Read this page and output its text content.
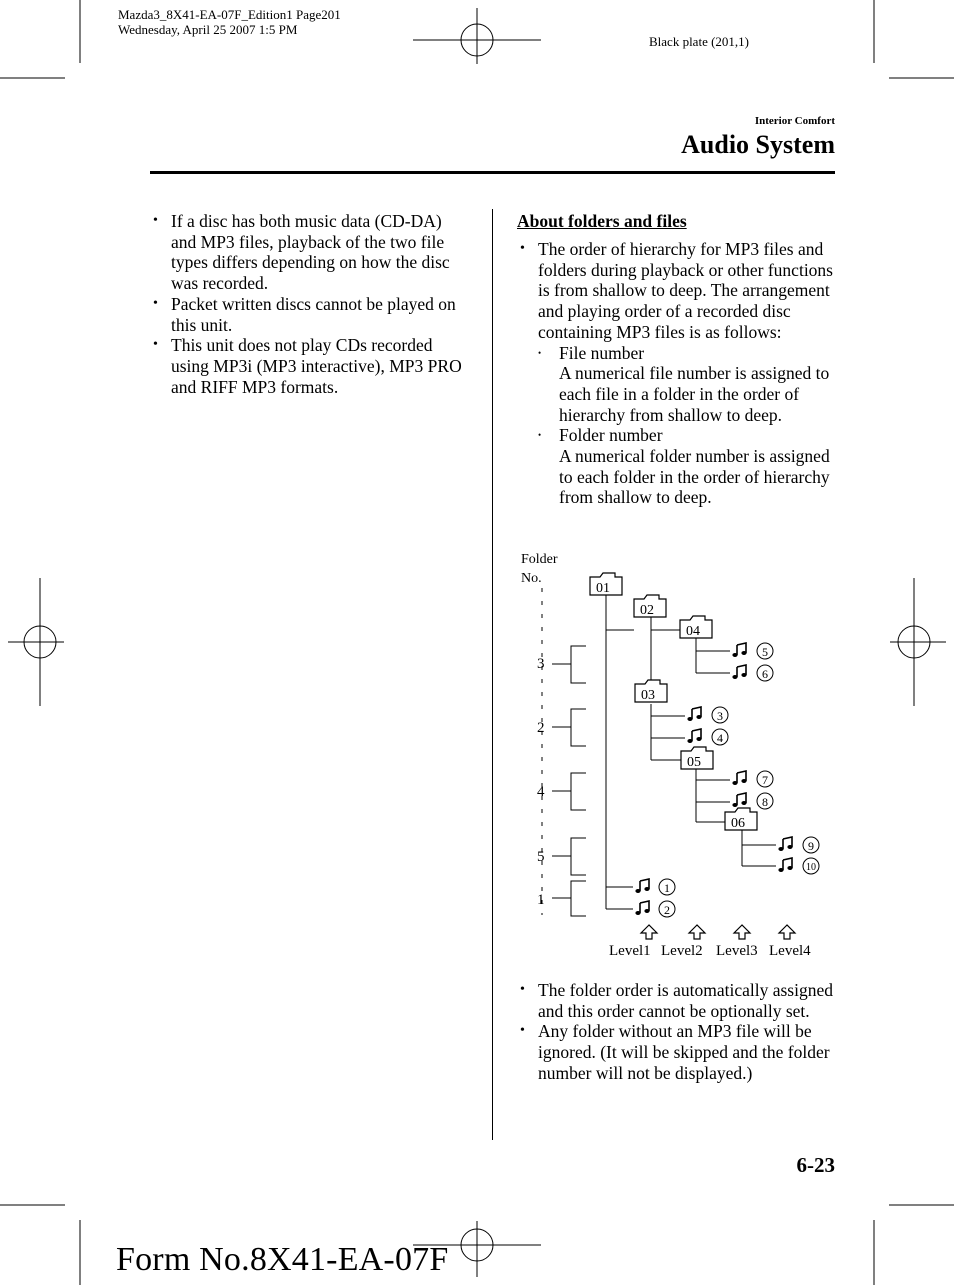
Mazda3_8X41-EA-07F_Edition1 Page201
Wednesday, April 25 2007 1:5 PM
Black plate (201,1)
Interior Comfort
Audio System
• If a disc has both music data (CD-DA) and MP3 files, playback of the two file types differs depending on how the disc was recorded.
• Packet written discs cannot be played on this unit.
• This unit does not play CDs recorded using MP3i (MP3 interactive), MP3 PRO and RIFF MP3 formats.
About folders and files
• The order of hierarchy for MP3 files and folders during playback or other functions is from shallow to deep. The arrangement and playing order of a recorded disc containing MP3 files is as follows:
• File number
A numerical file number is assigned to each file in a folder in the order of hierarchy from shallow to deep.
• Folder number
A numerical folder number is assigned to each folder in the order of hierarchy from shallow to deep.
Folder
No.
3
2
4
5
1
01
02
04
03
05
06
5
6
3
4
7
8
9
10
1
2
Level1 Level2 Level3 Level4
• The folder order is automatically assigned and this order cannot be optionally set.
• Any folder without an MP3 file will be ignored. (It will be skipped and the folder number will not be displayed.)
6-23
Form No.8X41-EA-07F
